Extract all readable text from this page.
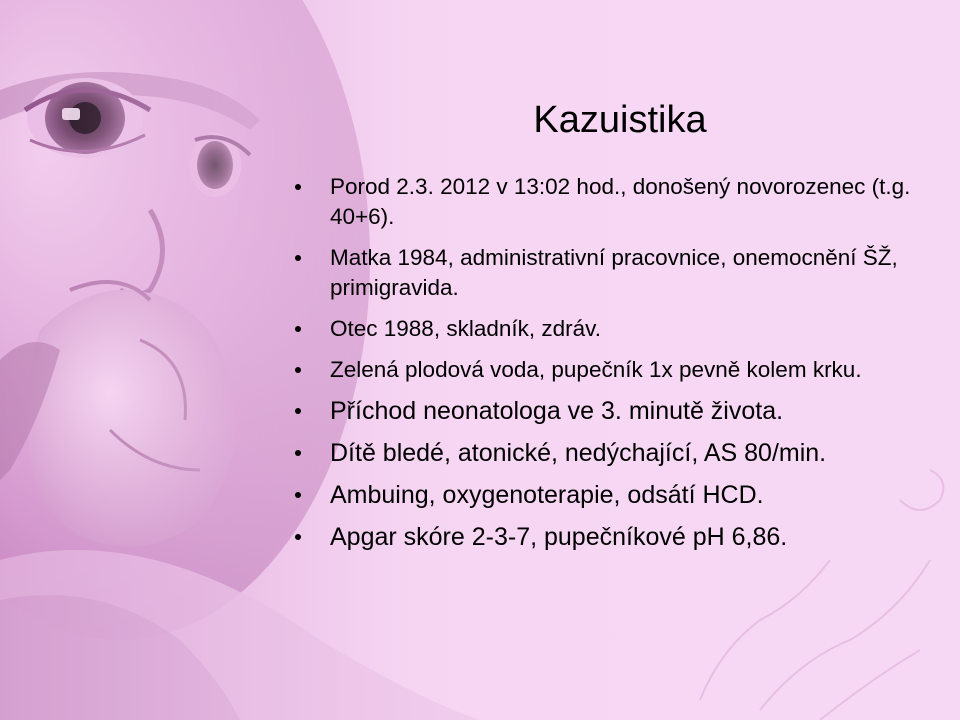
Kazuistika
Porod 2.3. 2012 v 13:02 hod., donošený novorozenec (t.g. 40+6).
Matka 1984, administrativní pracovnice, onemocnění ŠŽ, primigravida.
Otec 1988, skladník, zdráv.
Zelená plodová voda, pupečník 1x pevně kolem krku.
Příchod neonatologa ve 3. minutě života.
Dítě bledé, atonické, nedýchající, AS 80/min.
Ambuing, oxygenoterapie, odsátí HCD.
Apgar skóre 2-3-7, pupečníkové pH 6,86.
